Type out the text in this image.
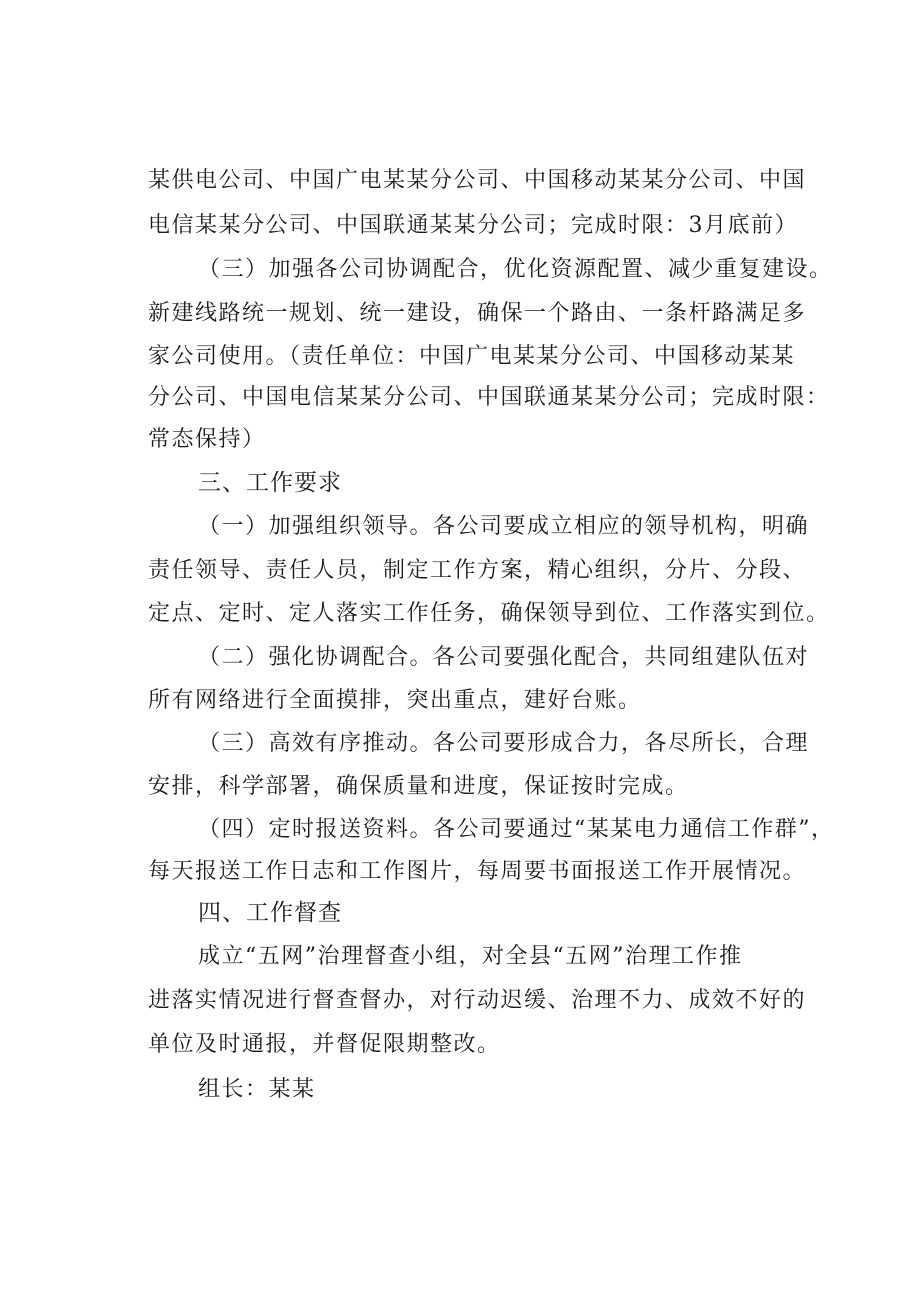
某供电公司、中国广电某某分公司、中国移动某某分公司、中国
电信某某分公司、中国联通某某分公司；完成时限：3月底前）
（三）加强各公司协调配合，优化资源配置、减少重复建设。
新建线路统一规划、统一建设，确保一个路由、一条杆路满足多
家公司使用。（责任单位：中国广电某某分公司、中国移动某某
分公司、中国电信某某分公司、中国联通某某分公司；完成时限：
常态保持）
三、工作要求
（一）加强组织领导。各公司要成立相应的领导机构，明确
责任领导、责任人员，制定工作方案，精心组织，分片、分段、
定点、定时、定人落实工作任务，确保领导到位、工作落实到位。
（二）强化协调配合。各公司要强化配合，共同组建队伍对
所有网络进行全面摸排，突出重点，建好台账。
（三）高效有序推动。各公司要形成合力，各尽所长，合理
安排，科学部署，确保质量和进度，保证按时完成。
（四）定时报送资料。各公司要通过“某某电力通信工作群”，
每天报送工作日志和工作图片，每周要书面报送工作开展情况。
四、工作督查
成立“五网”治理督查小组，对全县“五网”治理工作推
进落实情况进行督查督办，对行动迟缓、治理不力、成效不好的
单位及时通报，并督促限期整改。
组长：某某
